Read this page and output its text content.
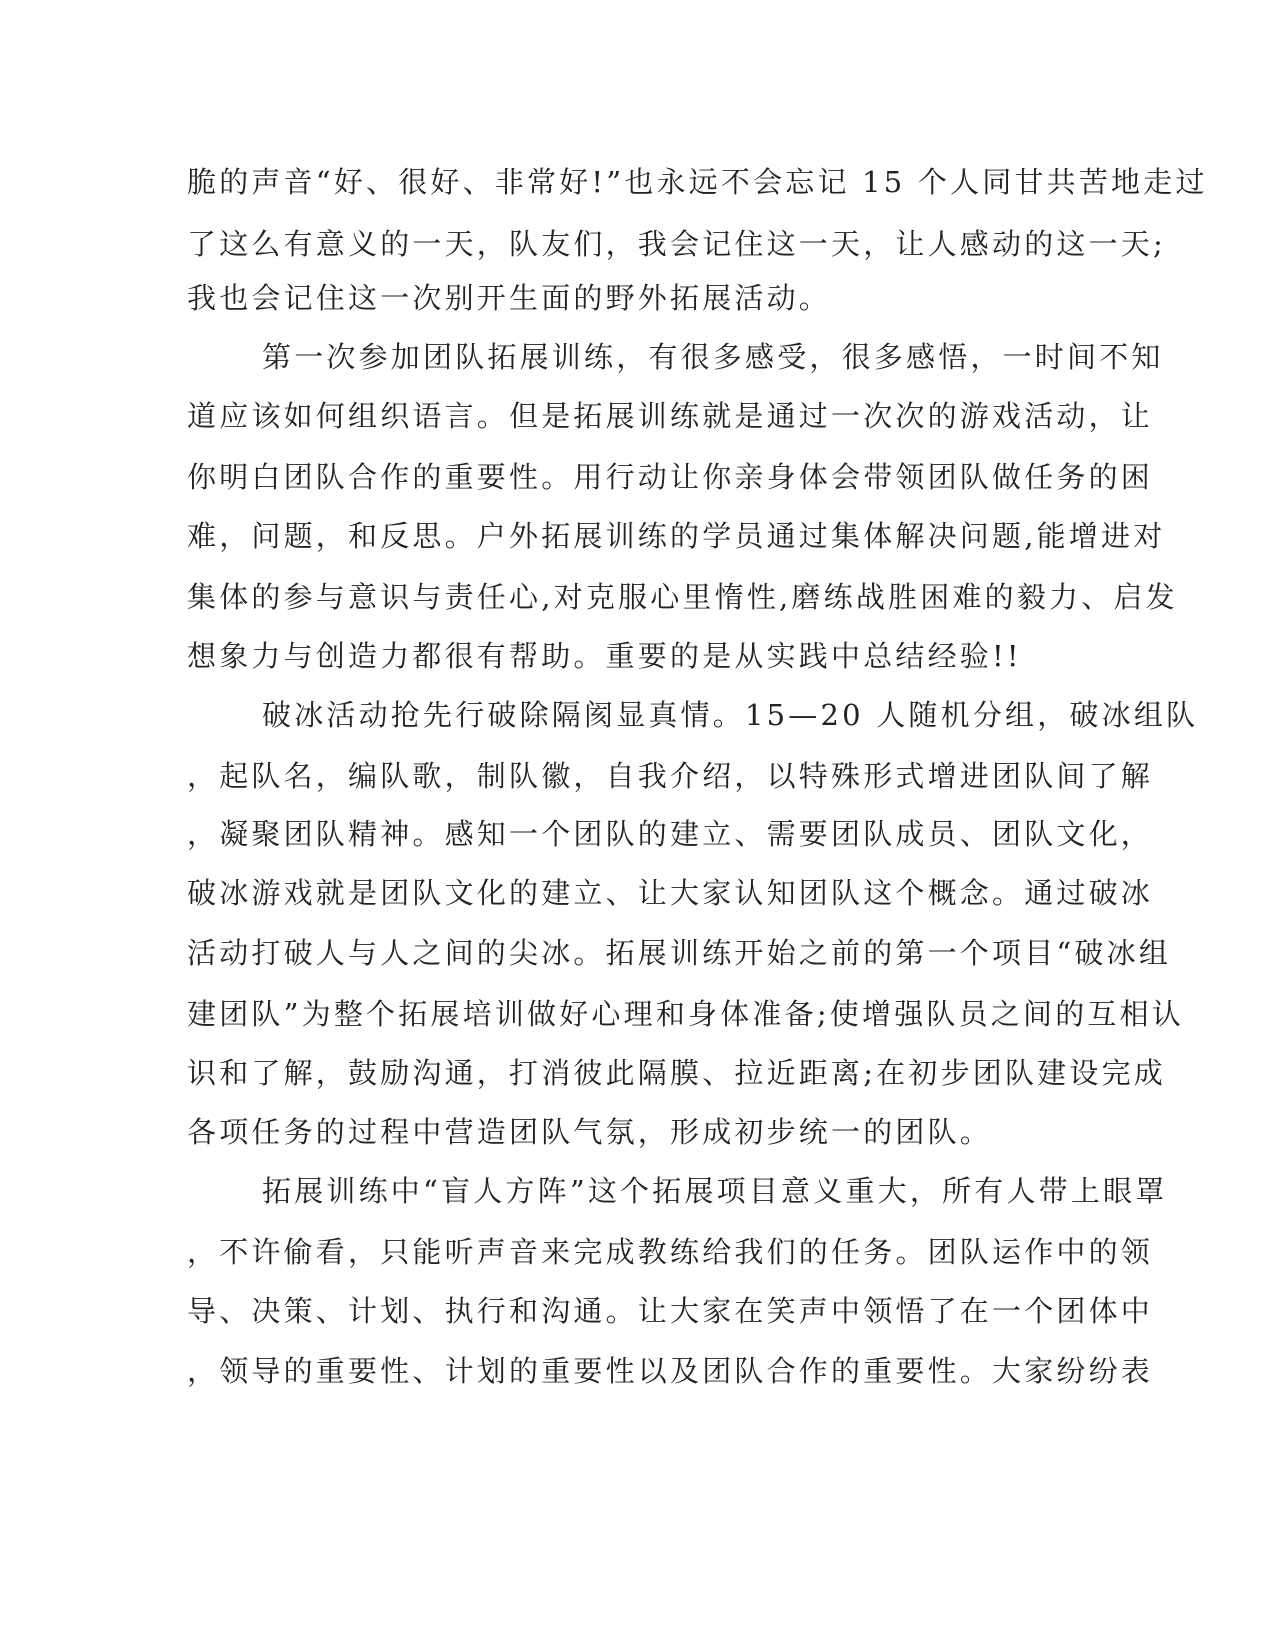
脆的声音“好、很好、非常好!”也永远不会忘记 15 个人同甘共苦地走过
了这么有意义的一天，队友们，我会记住这一天，让人感动的这一天;
我也会记住这一次别开生面的野外拓展活动。
第一次参加团队拓展训练，有很多感受，很多感悟，一时间不知
道应该如何组织语言。但是拓展训练就是通过一次次的游戏活动，让
你明白团队合作的重要性。用行动让你亲身体会带领团队做任务的困
难，问题，和反思。户外拓展训练的学员通过集体解决问题,能增进对
集体的参与意识与责任心,对克服心里惰性,磨练战胜困难的毅力、启发
想象力与创造力都很有帮助。重要的是从实践中总结经验!!
破冰活动抢先行破除隔阂显真情。15—20 人随机分组，破冰组队
，起队名，编队歌，制队徽，自我介绍，以特殊形式增进团队间了解
，凝聚团队精神。感知一个团队的建立、需要团队成员、团队文化，
破冰游戏就是团队文化的建立、让大家认知团队这个概念。通过破冰
活动打破人与人之间的尖冰。拓展训练开始之前的第一个项目“破冰组
建团队”为整个拓展培训做好心理和身体准备;使增强队员之间的互相认
识和了解，鼓励沟通，打消彼此隔膜、拉近距离;在初步团队建设完成
各项任务的过程中营造团队气氛，形成初步统一的团队。
拓展训练中“盲人方阵”这个拓展项目意义重大，所有人带上眼罩
，不许偷看，只能听声音来完成教练给我们的任务。团队运作中的领
导、决策、计划、执行和沟通。让大家在笑声中领悟了在一个团体中
，领导的重要性、计划的重要性以及团队合作的重要性。大家纷纷表
